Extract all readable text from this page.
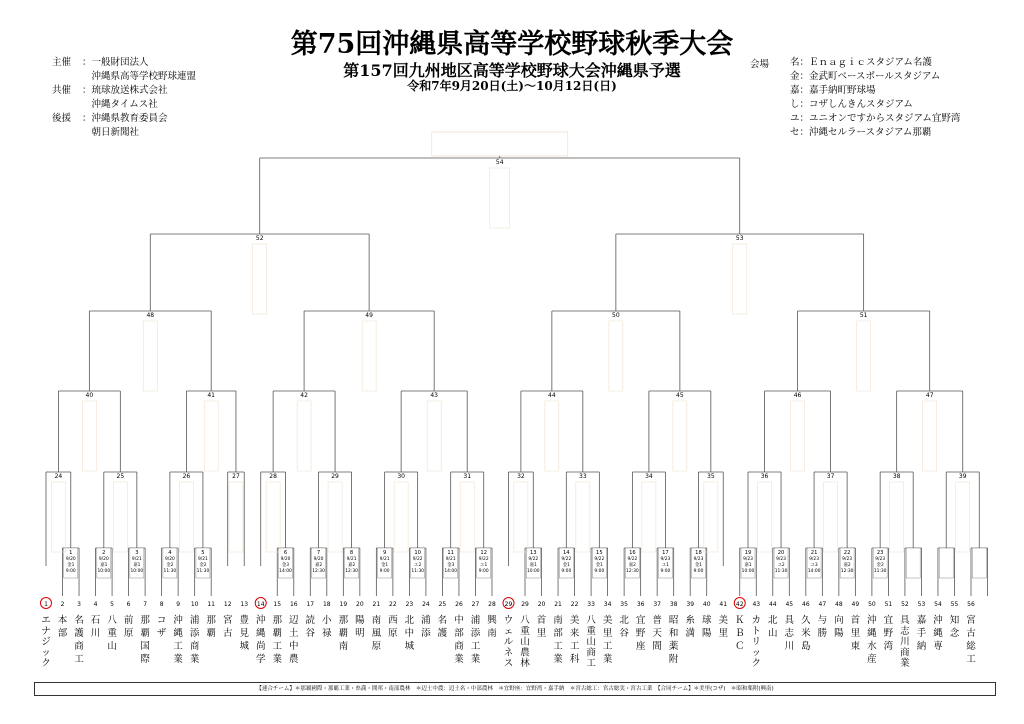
第75回沖縄県高等学校野球秋季大会
第157回九州地区高等学校野球大会沖縄県予選
令和7年9月20日(土)～10月12日(日)
主催 ：一般財団法人
　沖縄県高等学校野球連盟
共催 ：琉球放送株式会社
　沖縄タイムス社
後援 ：沖縄県教育委員会
　朝日新聞社
会場 名：Ｅｎａｇｉｃスタジアム名護
金：金武町ベースボールスタジアム
嘉：嘉手納町野球場
し：コザしんきんスタジアム
ユ：ユニオンですからスタジアム宜野湾
セ：沖縄セルラースタジアム那覇
1
エナジック
2
本部
3
名護商工
4
石川
5
八重山
6
前原
7
那覇国際
8
コザ
9
沖縄工業
10
浦添商業
11
那覇
12
宮古
13
豊見城
14
沖縄尚学
15
那覇工業
16
辺土中農
17
読谷
18
小禄
19
那覇南
20
陽明
21
南風原
22
西原
23
北中城
24
浦添
25
名護
26
中部商業
27
浦添工業
28
興南
29
ウェルネス
29
八重山農林
20
首里
21
南部工業
22
美来工科
33
八重山商工
34
美里工業
35
北谷
36
宜野座
37
普天間
38
昭和薬附
39
糸満
40
球陽
41
美里
42
ＫＢＣ
43
カトリック
44
北山
45
具志川
46
久米島
47
与勝
48
向陽
49
首里東
50
沖縄水産
51
宜野湾
52
具志川商業
53
嘉手納
54
沖縄専
55
知念
56
宮古総工
1
9/20
金1
9:00
2
9/20
嘉1
10:00
3
9/21
嘉1
10:00
4
9/20
金2
11:30
5
9/21
金2
11:30
6
9/20
金3
14:00
7
9/20
嘉2
12:30
8
9/21
嘉2
12:30
9
9/21
金1
9:00
10
9/22
ユ2
11:30
11
9/21
金3
14:00
12
9/22
ユ1
9:00
13
9/22
嘉1
10:00
14
9/22
金1
9:00
15
9/22
金1
9:00
16
9/22
嘉2
12:30
17
9/23
ユ1
9:00
18
9/23
金1
9:00
19
9/23
嘉1
10:00
20
9/23
ユ2
11:30
21
9/23
ユ3
14:00
22
9/23
嘉2
12:30
23
9/23
金2
11:30
24	25	26	27	28	29	30	31	32	33	34	35	36	37	38	39
40	41	42	43	44	45	46	47
48	49	50	51
52	53
54
【連合チーム】＊那覇國際・那覇工業・糸満・開邦・南部農林　＊辺土中農：辺土名・中部農林　＊宜野座：宜野湾・嘉手納　＊宮古総工：宮古総実・宮古工業　【合同チーム】＊美里(コザ)　＊昭和薬附(興南)
